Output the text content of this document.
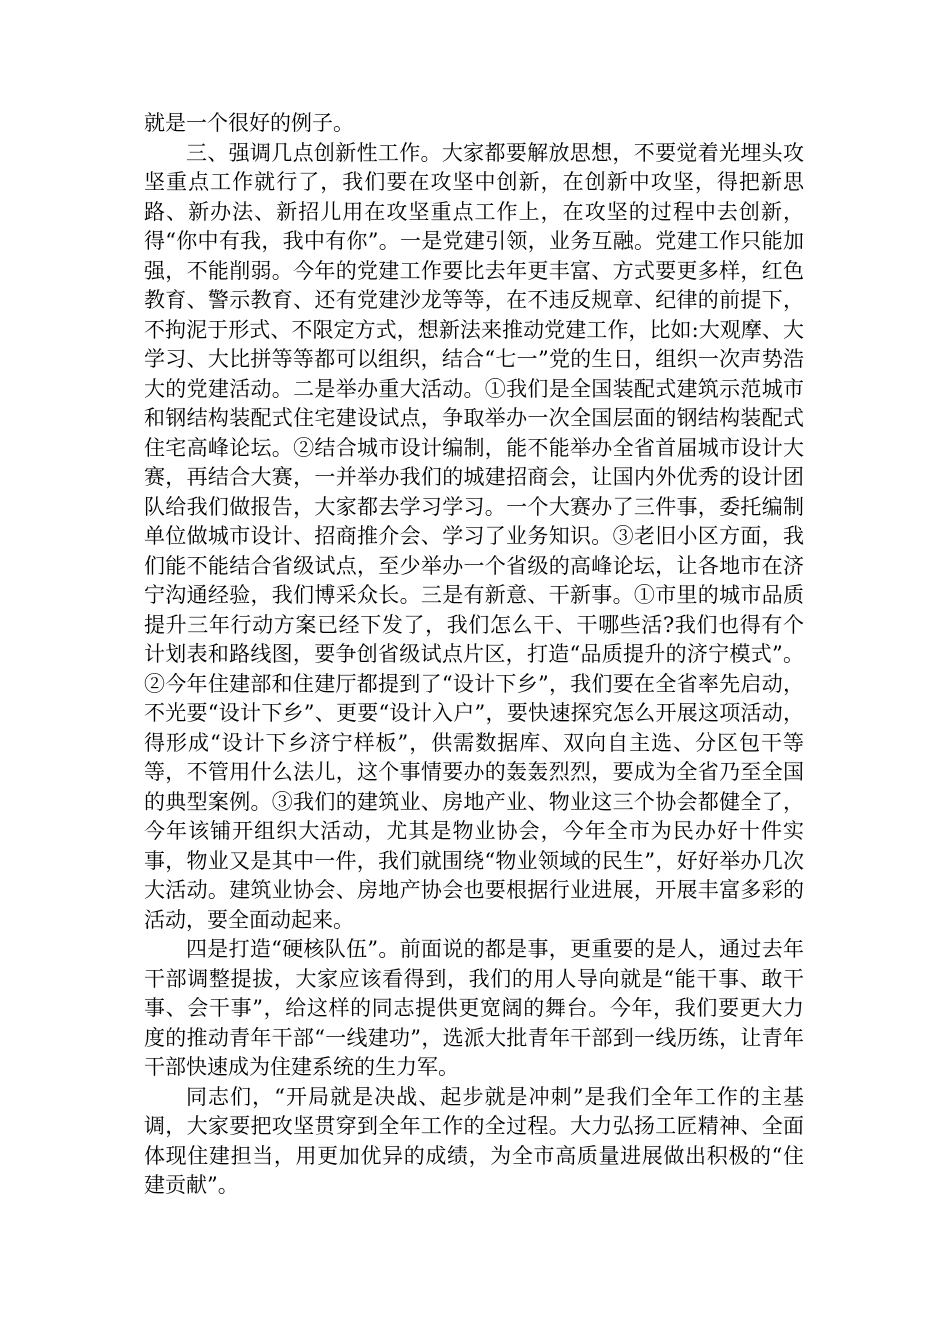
就是一个很好的例子。

三、强调几点创新性工作。大家都要解放思想，不要觉着光埋头攻坚重点工作就行了，我们要在攻坚中创新，在创新中攻坚，得把新思路、新办法、新招儿用在攻坚重点工作上，在攻坚的过程中去创新，得“你中有我，我中有你”。一是党建引领，业务互融。党建工作只能加强，不能削弱。今年的党建工作要比去年更丰富、方式要更多样，红色教育、警示教育、还有党建沙龙等等，在不违反规章、纪律的前提下，不拘泥于形式、不限定方式，想新法来推动党建工作，比如:大观摩、大学习、大比拼等等都可以组织，结合“七一”党的生日，组织一次声势浩大的党建活动。二是举办重大活动。①我们是全国装配式建筑示范城市和钢结构装配式住宅建设试点，争取举办一次全国层面的钢结构装配式住宅高峰论坛。②结合城市设计编制，能不能举办全省首届城市设计大赛，再结合大赛，一并举办我们的城建招商会，让国内外优秀的设计团队给我们做报告，大家都去学习学习。一个大赛办了三件事，委托编制单位做城市设计、招商推介会、学习了业务知识。③老旧小区方面，我们能不能结合省级试点，至少举办一个省级的高峰论坛，让各地市在济宁沟通经验，我们博采众长。三是有新意、干新事。①市里的城市品质提升三年行动方案已经下发了，我们怎么干、干哪些活?我们也得有个计划表和路线图，要争创省级试点片区，打造“品质提升的济宁模式”。②今年住建部和住建厅都提到了“设计下乡”，我们要在全省率先启动，不光要“设计下乡”、更要“设计入户”，要快速探究怎么开展这项活动，得形成“设计下乡济宁样板”，供需数据库、双向自主选、分区包干等等，不管用什么法儿，这个事情要办的轰轰烈烈，要成为全省乃至全国的典型案例。③我们的建筑业、房地产业、物业这三个协会都健全了，今年该铺开组织大活动，尤其是物业协会，今年全市为民办好十件实事，物业又是其中一件，我们就围绕“物业领域的民生”，好好举办几次大活动。建筑业协会、房地产协会也要根据行业进展，开展丰富多彩的活动，要全面动起来。

四是打造“硬核队伍”。前面说的都是事，更重要的是人，通过去年干部调整提拔，大家应该看得到，我们的用人导向就是“能干事、敢干事、会干事”，给这样的同志提供更宽阔的舞台。今年，我们要更大力度的推动青年干部“一线建功”，选派大批青年干部到一线历练，让青年干部快速成为住建系统的生力军。

同志们，“开局就是决战、起步就是冲刺”是我们全年工作的主基调，大家要把攻坚贯穿到全年工作的全过程。大力弘扬工匠精神、全面体现住建担当，用更加优异的成绩，为全市高质量进展做出积极的“住建贡献”。
